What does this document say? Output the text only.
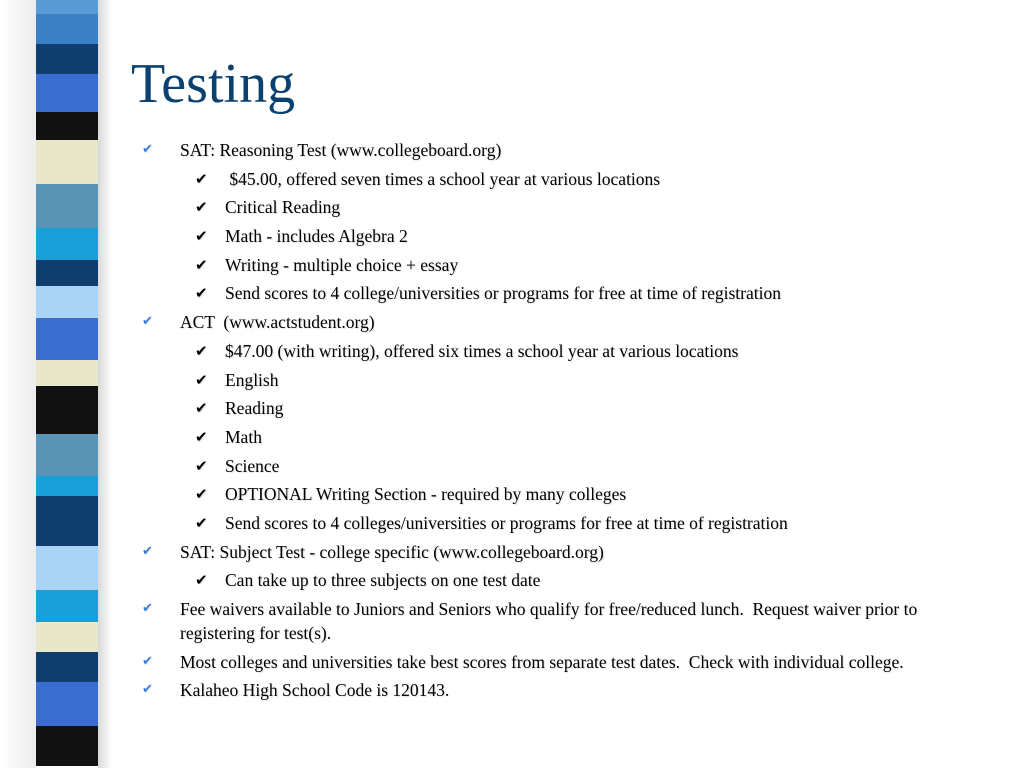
Testing
✔ SAT: Reasoning Test (www.collegeboard.org)
✔ $45.00, offered seven times a school year at various locations
✔ Critical Reading
✔ Math - includes Algebra 2
✔ Writing - multiple choice + essay
✔ Send scores to 4 college/universities or programs for free at time of registration
✔ ACT  (www.actstudent.org)
✔ $47.00 (with writing), offered six times a school year at various locations
✔ English
✔ Reading
✔ Math
✔ Science
✔ OPTIONAL Writing Section - required by many colleges
✔ Send scores to 4 colleges/universities or programs for free at time of registration
✔ SAT: Subject Test - college specific (www.collegeboard.org)
✔ Can take up to three subjects on one test date
✔ Fee waivers available to Juniors and Seniors who qualify for free/reduced lunch.  Request waiver prior to registering for test(s).
✔ Most colleges and universities take best scores from separate test dates.  Check with individual college.
✔ Kalaheo High School Code is 120143.
